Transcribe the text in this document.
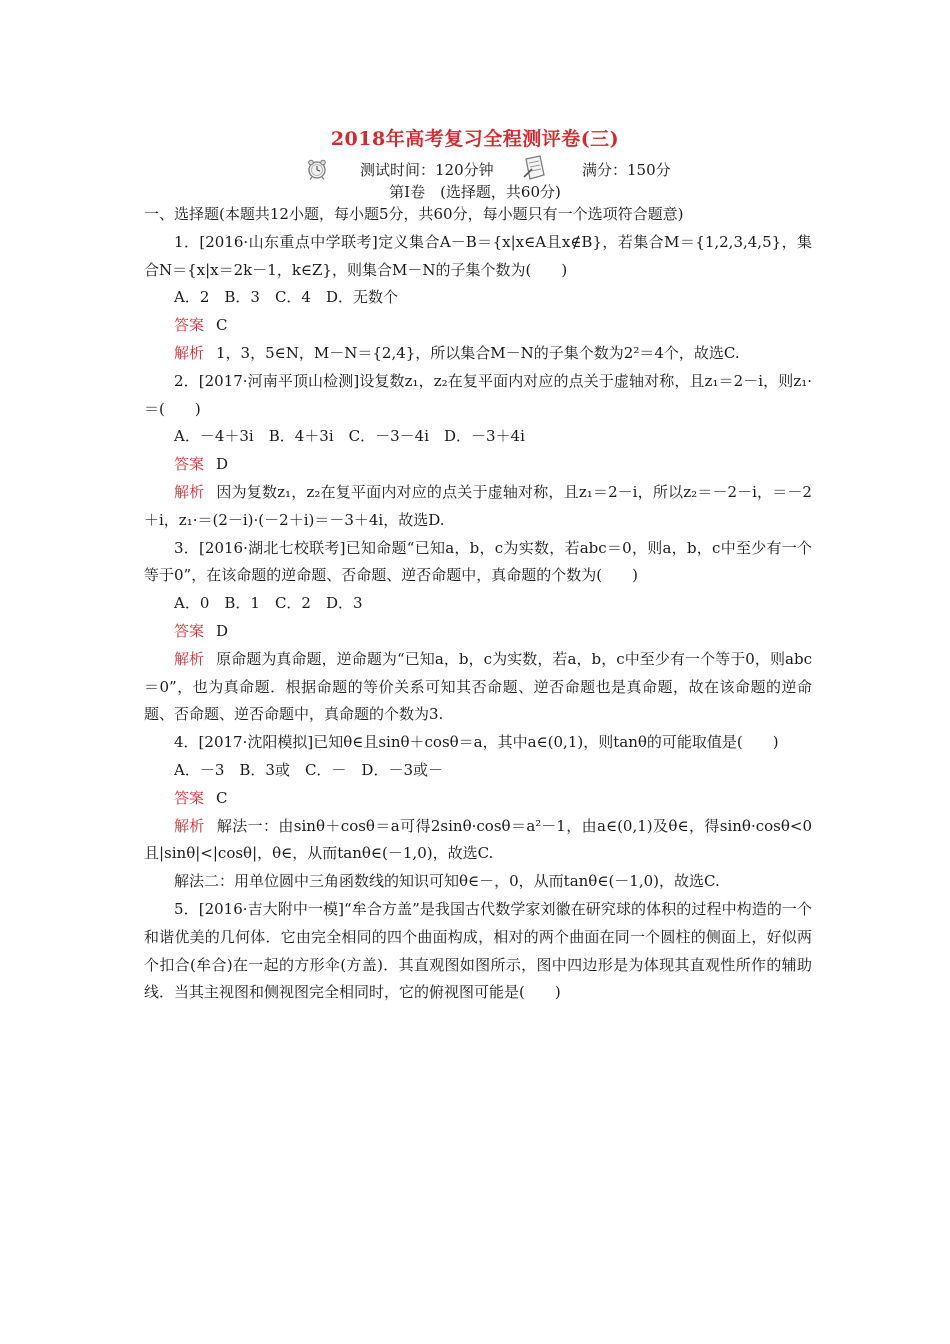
2018年高考复习全程测评卷(三)
测试时间：120分钟	满分：150分
第Ⅰ卷　(选择题，共60分)

一、选择题(本题共12小题，每小题5分，共60分，每小题只有一个选项符合题意)

1．[2016·山东重点中学联考]定义集合A－B＝{x|x∈A且x∉B}，若集合M＝{1,2,3,4,5}，集合N＝{x|x＝2k－1，k∈Z}，则集合M－N的子集个数为(　　)

A．2　B．3　C．4　D．无数个

答案 C

解析 1，3，5∈N，M－N＝{2,4}，所以集合M－N的子集个数为2²＝4个，故选C.

2．[2017·河南平顶山检测]设复数z₁，z₂在复平面内对应的点关于虚轴对称，且z₁＝2－i，则z₁·＝(　　)

A．－4＋3i　B．4＋3i　C．－3－4i　D．－3＋4i

答案 D

解析 因为复数z₁，z₂在复平面内对应的点关于虚轴对称，且z₁＝2－i，所以z₂＝－2－i，＝－2＋i，z₁·＝(2－i)·(－2＋i)＝－3＋4i，故选D.

3．[2016·湖北七校联考]已知命题“已知a，b，c为实数，若abc＝0，则a，b，c中至少有一个等于0”，在该命题的逆命题、否命题、逆否命题中，真命题的个数为(　　)

A．0　B．1　C．2　D．3

答案 D

解析 原命题为真命题，逆命题为“已知a，b，c为实数，若a，b，c中至少有一个等于0，则abc＝0”，也为真命题．根据命题的等价关系可知其否命题、逆否命题也是真命题，故在该命题的逆命题、否命题、逆否命题中，真命题的个数为3.

4．[2017·沈阳模拟]已知θ∈且sinθ＋cosθ＝a，其中a∈(0,1)，则tanθ的可能取值是(　　)

A．－3　B．3或　C．－　D．－3或－

答案 C

解析 解法一：由sinθ＋cosθ＝a可得2sinθ·cosθ＝a²－1，由a∈(0,1)及θ∈，得sinθ·cosθ<0且|sinθ|<|cosθ|，θ∈，从而tanθ∈(－1,0)，故选C.

解法二：用单位圆中三角函数线的知识可知θ∈－，0，从而tanθ∈(－1,0)，故选C.

5．[2016·吉大附中一模]“牟合方盖”是我国古代数学家刘徽在研究球的体积的过程中构造的一个和谐优美的几何体．它由完全相同的四个曲面构成，相对的两个曲面在同一个圆柱的侧面上，好似两个扣合(牟合)在一起的方形伞(方盖)．其直观图如图所示，图中四边形是为体现其直观性所作的辅助线．当其主视图和侧视图完全相同时，它的俯视图可能是(　　)
